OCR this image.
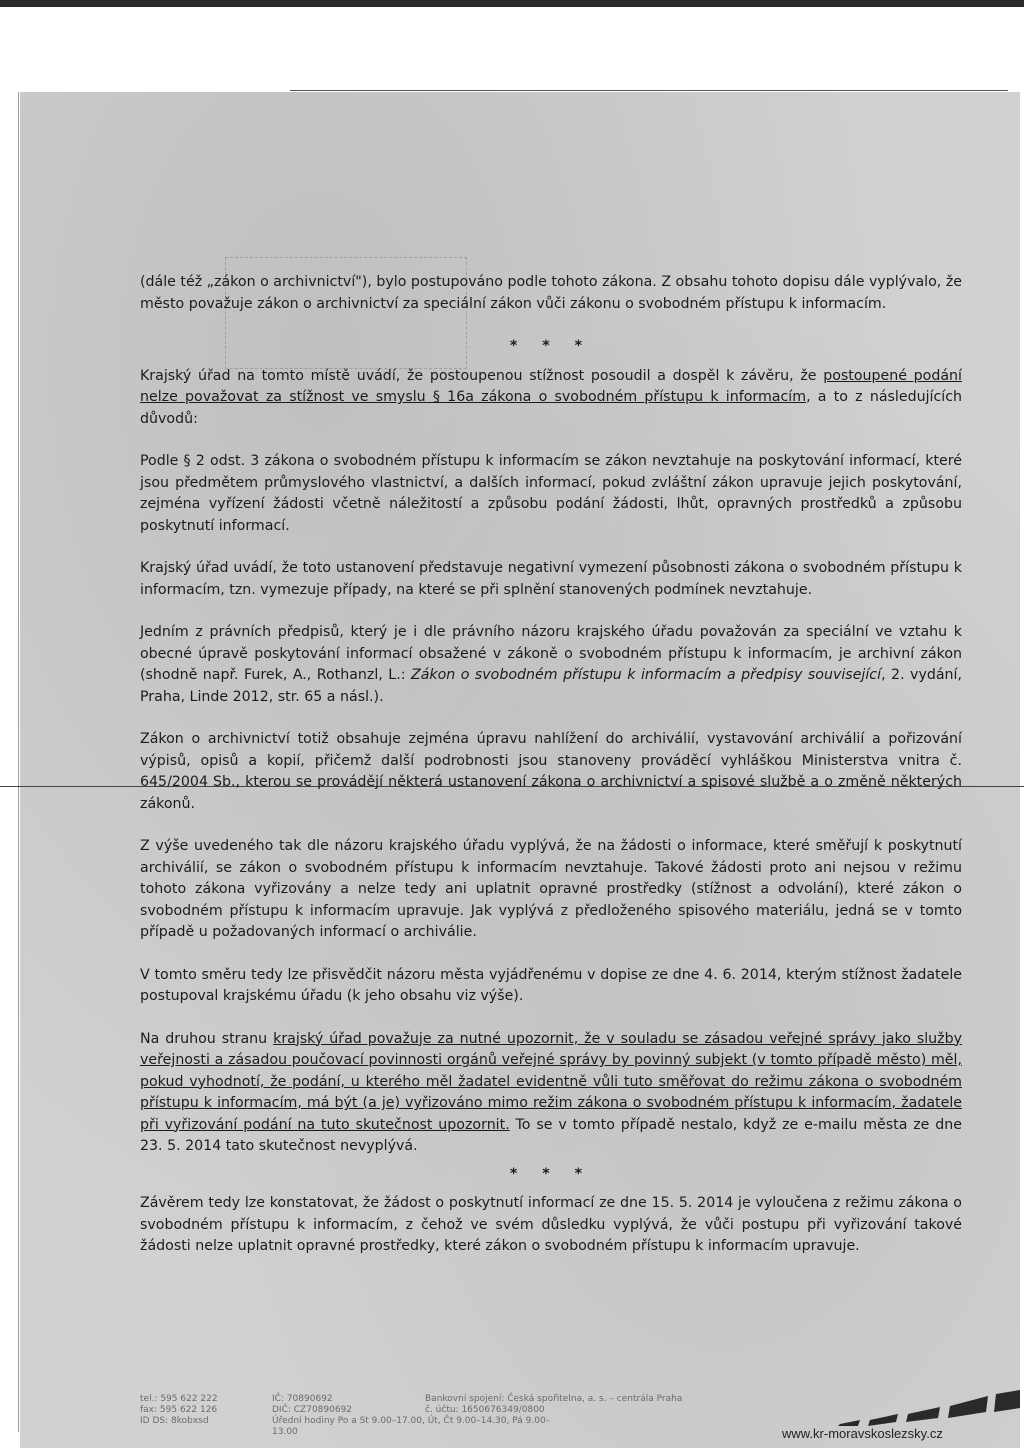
(dále též „zákon o archivnictví"), bylo postupováno podle tohoto zákona. Z obsahu tohoto dopisu dále vyplývalo, že město považuje zákon o archivnictví za speciální zákon vůči zákonu o svobodném přístupu k informacím.

* * *

Krajský úřad na tomto místě uvádí, že postoupenou stížnost posoudil a dospěl k závěru, že postoupené podání nelze považovat za stížnost ve smyslu § 16a zákona o svobodném přístupu k informacím, a to z následujících důvodů:

Podle § 2 odst. 3 zákona o svobodném přístupu k informacím se zákon nevztahuje na poskytování informací, které jsou předmětem průmyslového vlastnictví, a dalších informací, pokud zvláštní zákon upravuje jejich poskytování, zejména vyřízení žádosti včetně náležitostí a způsobu podání žádosti, lhůt, opravných prostředků a způsobu poskytnutí informací.

Krajský úřad uvádí, že toto ustanovení představuje negativní vymezení působnosti zákona o svobodném přístupu k informacím, tzn. vymezuje případy, na které se při splnění stanovených podmínek nevztahuje.

Jedním z právních předpisů, který je i dle právního názoru krajského úřadu považován za speciální ve vztahu k obecné úpravě poskytování informací obsažené v zákoně o svobodném přístupu k informacím, je archivní zákon (shodně např. Furek, A., Rothanzl, L.: Zákon o svobodném přístupu k informacím a předpisy související, 2. vydání, Praha, Linde 2012, str. 65 a násl.).

Zákon o archivnictví totiž obsahuje zejména úpravu nahlížení do archiválií, vystavování archiválií a pořizování výpisů, opisů a kopií, přičemž další podrobnosti jsou stanoveny prováděcí vyhláškou Ministerstva vnitra č. 645/2004 Sb., kterou se provádějí některá ustanovení zákona o archivnictví a spisové službě a o změně některých zákonů.

Z výše uvedeného tak dle názoru krajského úřadu vyplývá, že na žádosti o informace, které směřují k poskytnutí archiválií, se zákon o svobodném přístupu k informacím nevztahuje. Takové žádosti proto ani nejsou v režimu tohoto zákona vyřizovány a nelze tedy ani uplatnit opravné prostředky (stížnost a odvolání), které zákon o svobodném přístupu k informacím upravuje. Jak vyplývá z předloženého spisového materiálu, jedná se v tomto případě u požadovaných informací o archiválie.

V tomto směru tedy lze přisvědčit názoru města vyjádřenému v dopise ze dne 4. 6. 2014, kterým stížnost žadatele postupoval krajskému úřadu (k jeho obsahu viz výše).

Na druhou stranu krajský úřad považuje za nutné upozornit, že v souladu se zásadou veřejné správy jako služby veřejnosti a zásadou poučovací povinnosti orgánů veřejné správy by povinný subjekt (v tomto případě město) měl, pokud vyhodnotí, že podání, u kterého měl žadatel evidentně vůli tuto směřovat do režimu zákona o svobodném přístupu k informacím, má být (a je) vyřizováno mimo režim zákona o svobodném přístupu k informacím, žadatele při vyřizování podání na tuto skutečnost upozornit. To se v tomto případě nestalo, když ze e-mailu města ze dne 23. 5. 2014 tato skutečnost nevyplývá.

* * *

Závěrem tedy lze konstatovat, že žádost o poskytnutí informací ze dne 15. 5. 2014 je vyloučena z režimu zákona o svobodném přístupu k informacím, z čehož ve svém důsledku vyplývá, že vůči postupu při vyřizování takové žádosti nelze uplatnit opravné prostředky, které zákon o svobodném přístupu k informacím upravuje.

tel.: 595 622 222
fax: 595 622 126
ID DS: 8kobxsd
IČ: 70890692
DIČ: CZ70890692
Úřední hodiny Po a St 9.00–17.00, Út, Čt 9.00–14.30, Pá 9.00–13.00
Bankovní spojení: Česká spořitelna, a. s. – centrála Praha
č. účtu: 1650676349/0800
www.kr-moravskoslezsky.cz
